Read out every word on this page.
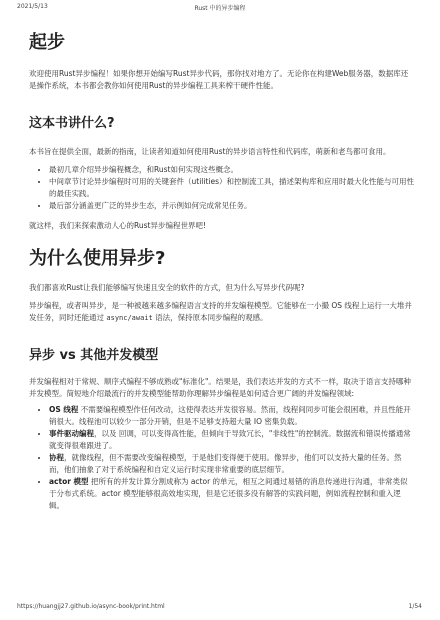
2021/5/13	Rust 中的异步编程
起步

欢迎使用Rust异步编程！如果你想开始编写Rust异步代码，那你找对地方了。无论你在构建Web服务器，数据库还是操作系统，本书都会教你如何使用Rust的异步编程工具来榨干硬件性能。

这本书讲什么?

本书旨在提供全面，最新的指南，让读者知道如何使用Rust的异步语言特性和代码库，萌新和老鸟都可食用。

• 最初几章介绍异步编程概念，和Rust如何实现这些概念。
• 中间章节讨论异步编程时可用的关键套件（utilities）和控制流工具，描述架构库和应用时最大化性能与可用性的最佳实践。
• 最后部分涵盖更广泛的异步生态，并示例如何完成常见任务。

就这样，我们来探索激动人心的Rust异步编程世界吧!

为什么使用异步?

我们都喜欢Rust让我们能够编写快速且安全的软件的方式，但为什么写异步代码呢?

异步编程，或者叫异步，是一种被越来越多编程语言支持的并发编程模型。它能够在一小撮 OS 线程上运行一大堆并发任务，同时还能通过 async/await 语法，保持原本同步编程的观感。

异步 vs 其他并发模型

并发编程相对于常规、顺序式编程不够成熟或"标准化"。结果是，我们表达并发的方式不一样，取决于语言支持哪种并发模型。简短地介绍最流行的并发模型能帮助你理解异步编程是如何适合更广阔的并发编程领域:

• OS 线程 不需要编程模型作任何改动，这使得表达并发很容易。然而，线程间同步可能会很困难，并且性能开销很大。线程池可以较少一部分开销，但是不足够支持超大量 IO 密集负载。
• 事件驱动编程，以及 回调，可以变得高性能，但倾向于导致冗长，"非线性"的控制流。数据流和错误传播通常就变得很难跟进了。
• 协程，就像线程，但不需要改变编程模型，于是他们变得便于使用。像异步，他们可以支持大量的任务。然而，他们抽象了对于系统编程和自定义运行时实现非常重要的底层细节。
• actor 模型 把所有的并发计算分割成称为 actor 的单元，相互之间通过易错的消息传递进行沟通，非常类似于分布式系统。actor 模型能够很高效地实现，但是它还很多没有解答的实践问题，例如流程控制和重入逻辑。
https://huangjj27.github.io/async-book/print.html	1/54
